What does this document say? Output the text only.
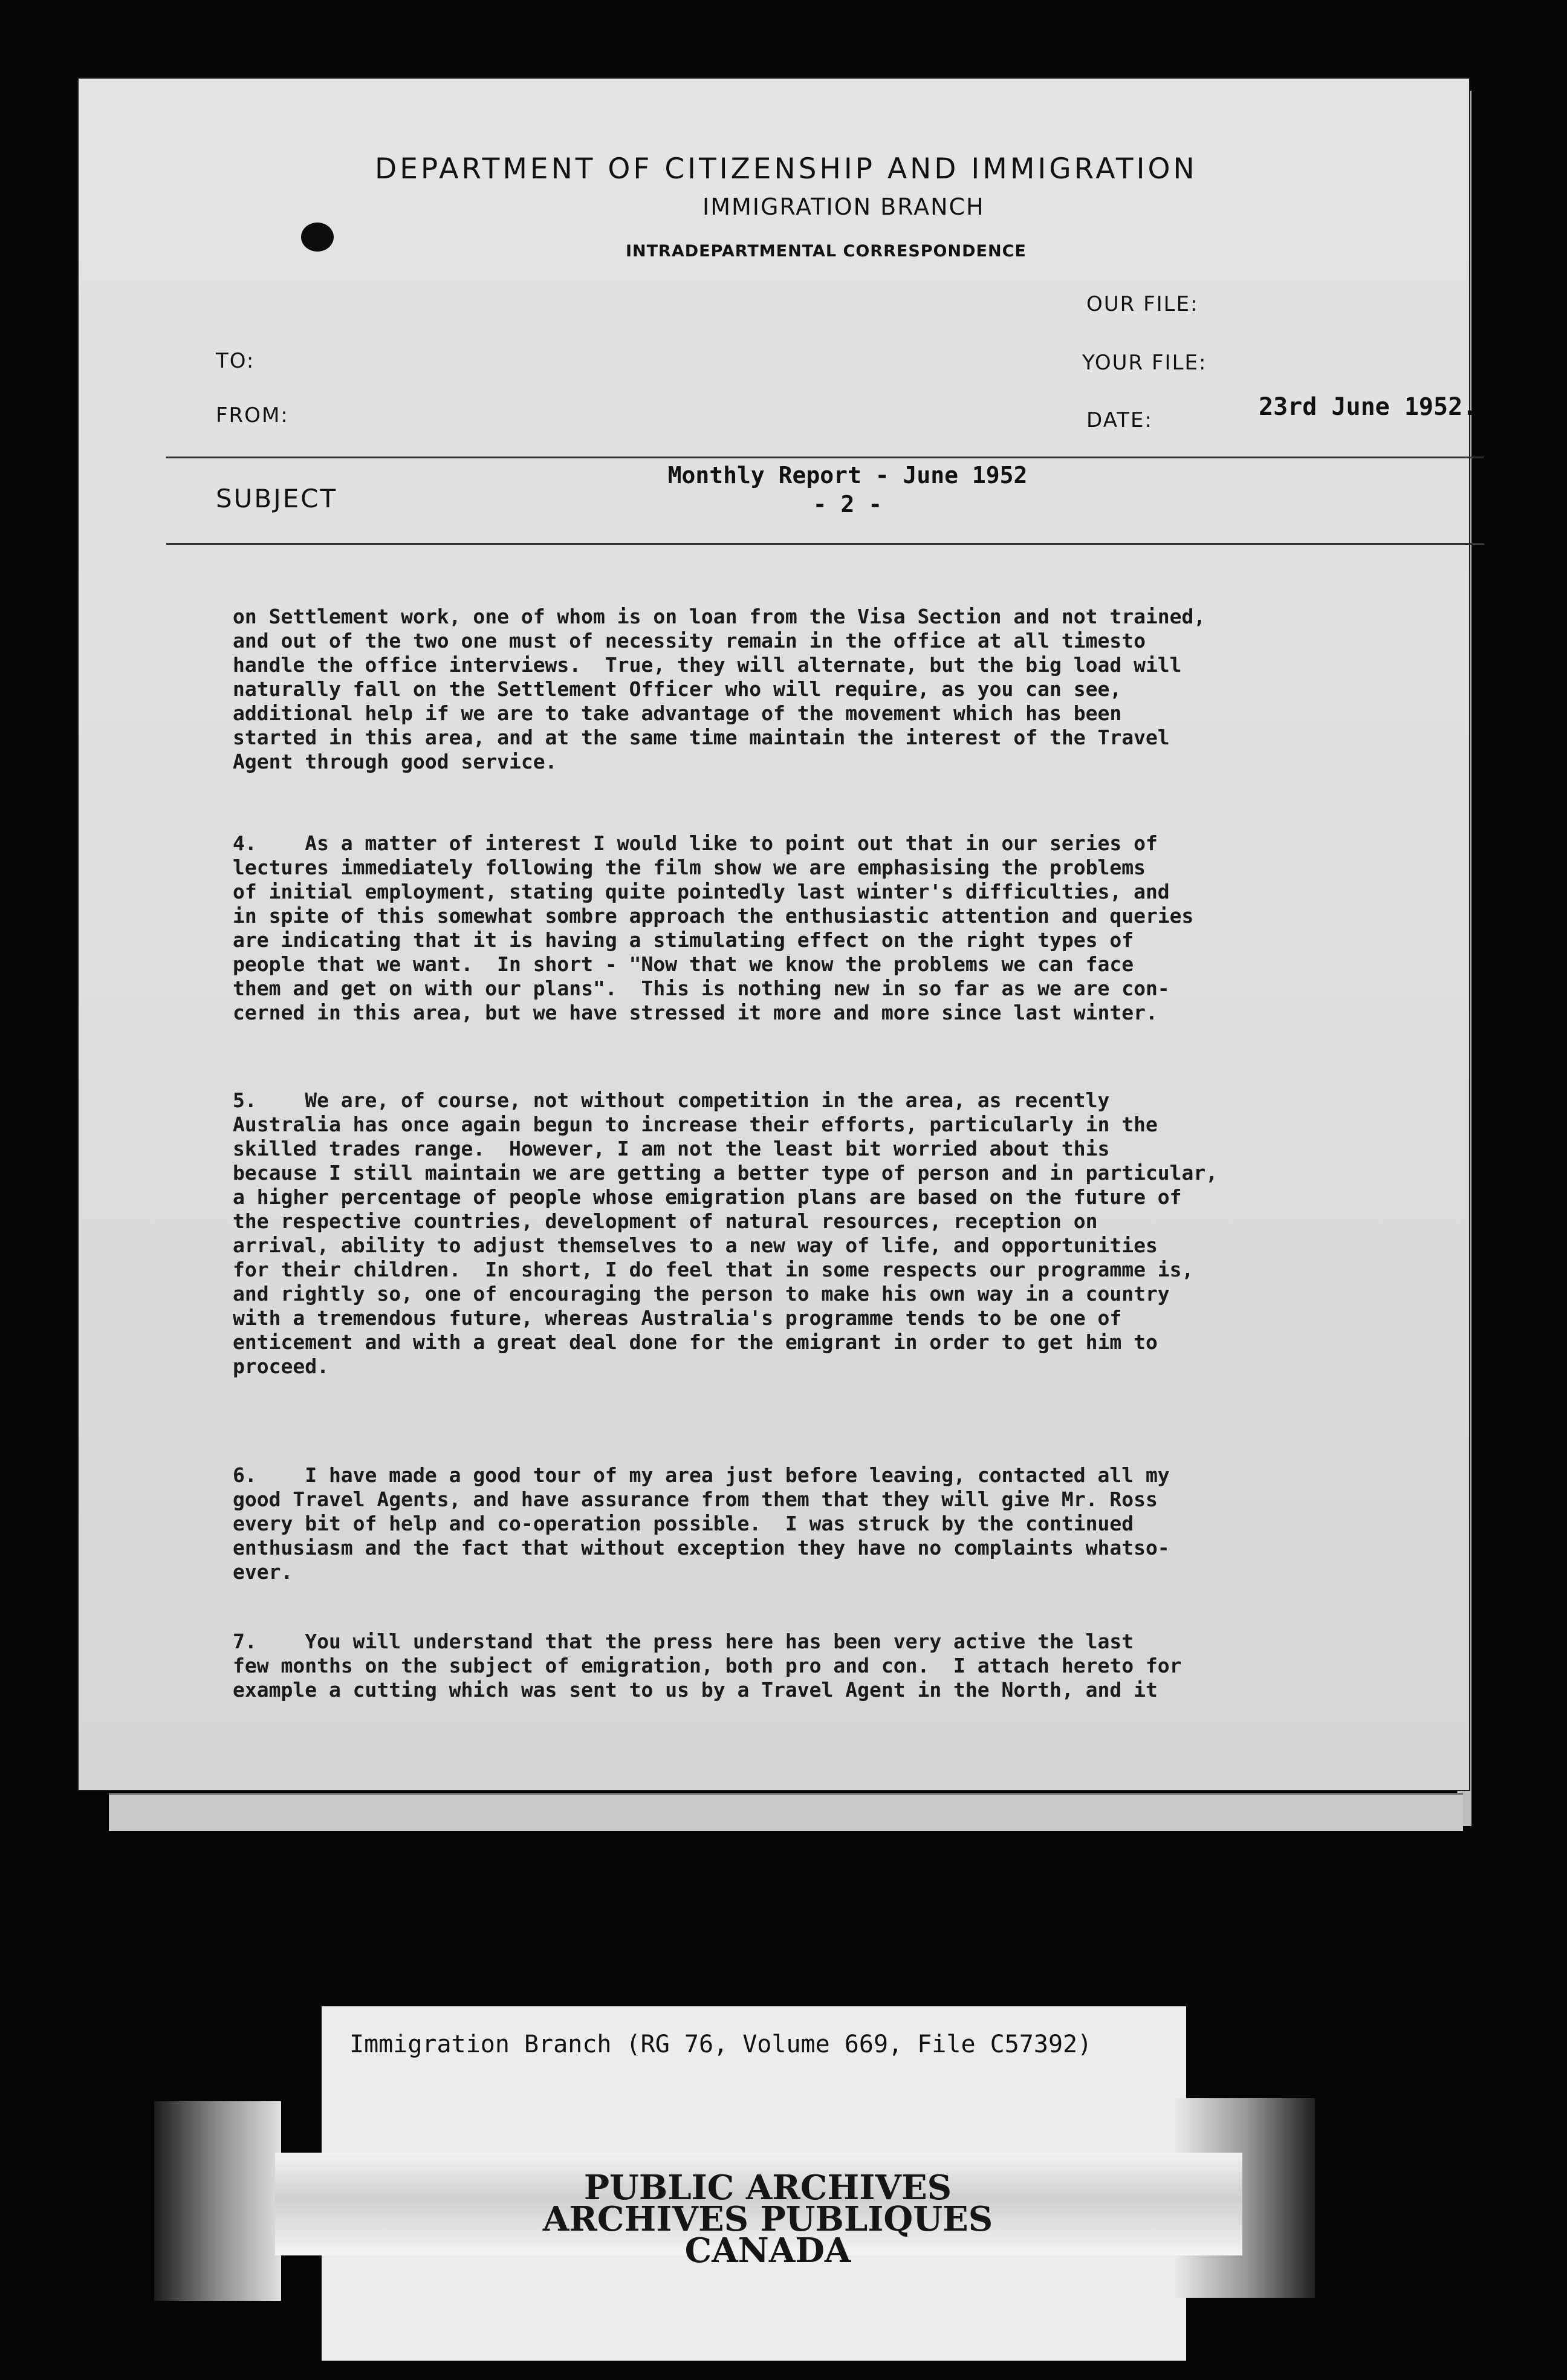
DEPARTMENT OF CITIZENSHIP AND IMMIGRATION
IMMIGRATION BRANCH
INTRADEPARTMENTAL CORRESPONDENCE
OUR FILE:
TO:	YOUR FILE:
FROM:	DATE:	23rd June 1952.
SUBJECT
Monthly Report - June 1952
- 2 -
on Settlement work, one of whom is on loan from the Visa Section and not trained,
and out of the two one must of necessity remain in the office at all timesto
handle the office interviews.  True, they will alternate, but the big load will
naturally fall on the Settlement Officer who will require, as you can see,
additional help if we are to take advantage of the movement which has been
started in this area, and at the same time maintain the interest of the Travel
Agent through good service.
4.    As a matter of interest I would like to point out that in our series of
lectures immediately following the film show we are emphasising the problems
of initial employment, stating quite pointedly last winter's difficulties, and
in spite of this somewhat sombre approach the enthusiastic attention and queries
are indicating that it is having a stimulating effect on the right types of
people that we want.  In short - "Now that we know the problems we can face
them and get on with our plans".  This is nothing new in so far as we are con-
cerned in this area, but we have stressed it more and more since last winter.
5.    We are, of course, not without competition in the area, as recently
Australia has once again begun to increase their efforts, particularly in the
skilled trades range.  However, I am not the least bit worried about this
because I still maintain we are getting a better type of person and in particular,
a higher percentage of people whose emigration plans are based on the future of
the respective countries, development of natural resources, reception on
arrival, ability to adjust themselves to a new way of life, and opportunities
for their children.  In short, I do feel that in some respects our programme is,
and rightly so, one of encouraging the person to make his own way in a country
with a tremendous future, whereas Australia's programme tends to be one of
enticement and with a great deal done for the emigrant in order to get him to
proceed.
6.    I have made a good tour of my area just before leaving, contacted all my
good Travel Agents, and have assurance from them that they will give Mr. Ross
every bit of help and co-operation possible.  I was struck by the continued
enthusiasm and the fact that without exception they have no complaints whatso-
ever.
7.    You will understand that the press here has been very active the last
few months on the subject of emigration, both pro and con.  I attach hereto for
example a cutting which was sent to us by a Travel Agent in the North, and it
Immigration Branch (RG 76, Volume 669, File C57392)
PUBLIC ARCHIVES
ARCHIVES PUBLIQUES
CANADA
